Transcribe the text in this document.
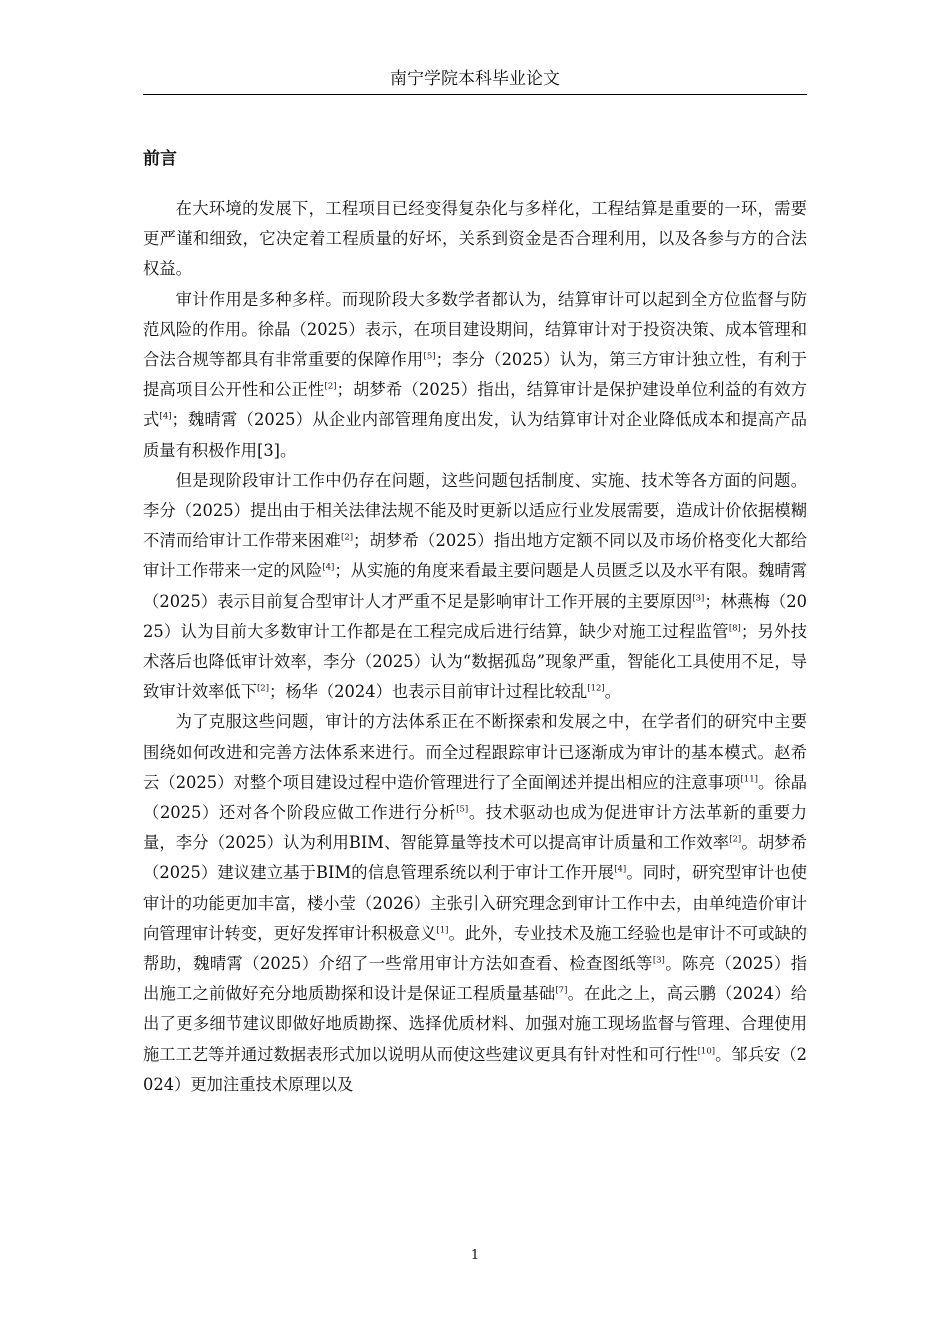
南宁学院本科毕业论文
前言

在大环境的发展下，工程项目已经变得复杂化与多样化，工程结算是重要的一环，需要更严谨和细致，它决定着工程质量的好坏，关系到资金是否合理利用，以及各参与方的合法权益。

审计作用是多种多样。而现阶段大多数学者都认为，结算审计可以起到全方位监督与防范风险的作用。徐晶（2025）表示，在项目建设期间，结算审计对于投资决策、成本管理和合法合规等都具有非常重要的保障作用[5]；李分（2025）认为，第三方审计独立性，有利于提高项目公开性和公正性[2]；胡梦希（2025）指出，结算审计是保护建设单位利益的有效方式[4]；魏晴霄（2025）从企业内部管理角度出发，认为结算审计对企业降低成本和提高产品质量有积极作用[3]。

但是现阶段审计工作中仍存在问题，这些问题包括制度、实施、技术等各方面的问题。李分（2025）提出由于相关法律法规不能及时更新以适应行业发展需要，造成计价依据模糊不清而给审计工作带来困难[2]；胡梦希（2025）指出地方定额不同以及市场价格变化大都给审计工作带来一定的风险[4]；从实施的角度来看最主要问题是人员匮乏以及水平有限。魏晴霄（2025）表示目前复合型审计人才严重不足是影响审计工作开展的主要原因[3]；林燕梅（2025）认为目前大多数审计工作都是在工程完成后进行结算，缺少对施工过程监管[8]；另外技术落后也降低审计效率，李分（2025）认为“数据孤岛”现象严重，智能化工具使用不足，导致审计效率低下[2]；杨华（2024）也表示目前审计过程比较乱[12]。

为了克服这些问题，审计的方法体系正在不断探索和发展之中，在学者们的研究中主要围绕如何改进和完善方法体系来进行。而全过程跟踪审计已逐渐成为审计的基本模式。赵希云（2025）对整个项目建设过程中造价管理进行了全面阐述并提出相应的注意事项[11]。徐晶（2025）还对各个阶段应做工作进行分析[5]。技术驱动也成为促进审计方法革新的重要力量，李分（2025）认为利用BIM、智能算量等技术可以提高审计质量和工作效率[2]。胡梦希（2025）建议建立基于BIM的信息管理系统以利于审计工作开展[4]。同时，研究型审计也使审计的功能更加丰富，楼小莹（2026）主张引入研究理念到审计工作中去，由单纯造价审计向管理审计转变，更好发挥审计积极意义[1]。此外，专业技术及施工经验也是审计不可或缺的帮助，魏晴霄（2025）介绍了一些常用审计方法如查看、检查图纸等[3]。陈亮（2025）指出施工之前做好充分地质勘探和设计是保证工程质量基础[7]。在此之上，高云鹏（2024）给出了更多细节建议即做好地质勘探、选择优质材料、加强对施工现场监督与管理、合理使用施工工艺等并通过数据表形式加以说明从而使这些建议更具有针对性和可行性[10]。邹兵安（2024）更加注重技术原理以及

1
